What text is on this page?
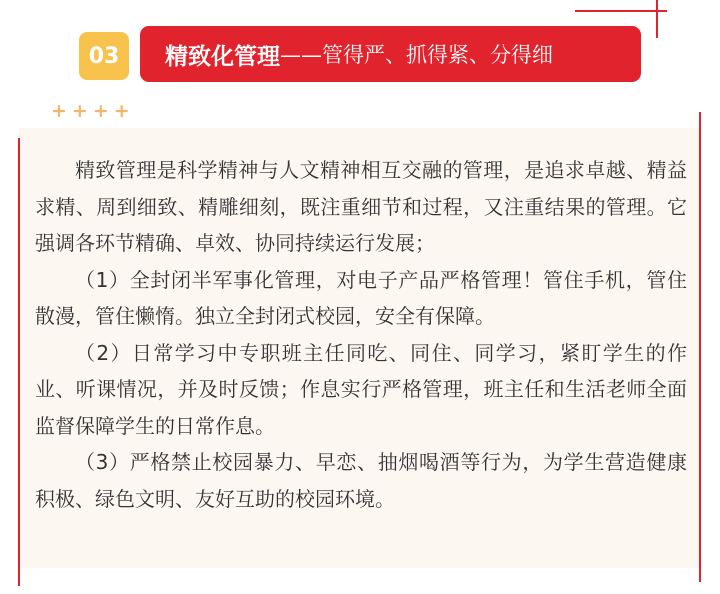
03	精致化管理 ——管得严、抓得紧、分得细
++++

精致管理是科学精神与人文精神相互交融的管理，是追求卓越、精益求精、周到细致、精雕细刻，既注重细节和过程，又注重结果的管理。它强调各环节精确、卓效、协同持续运行发展；

（1）全封闭半军事化管理，对电子产品严格管理！管住手机，管住散漫，管住懒惰。独立全封闭式校园，安全有保障。

（2）日常学习中专职班主任同吃、同住、同学习，紧盯学生的作业、听课情况，并及时反馈；作息实行严格管理，班主任和生活老师全面监督保障学生的日常作息。

（3）严格禁止校园暴力、早恋、抽烟喝酒等行为，为学生营造健康积极、绿色文明、友好互助的校园环境。
